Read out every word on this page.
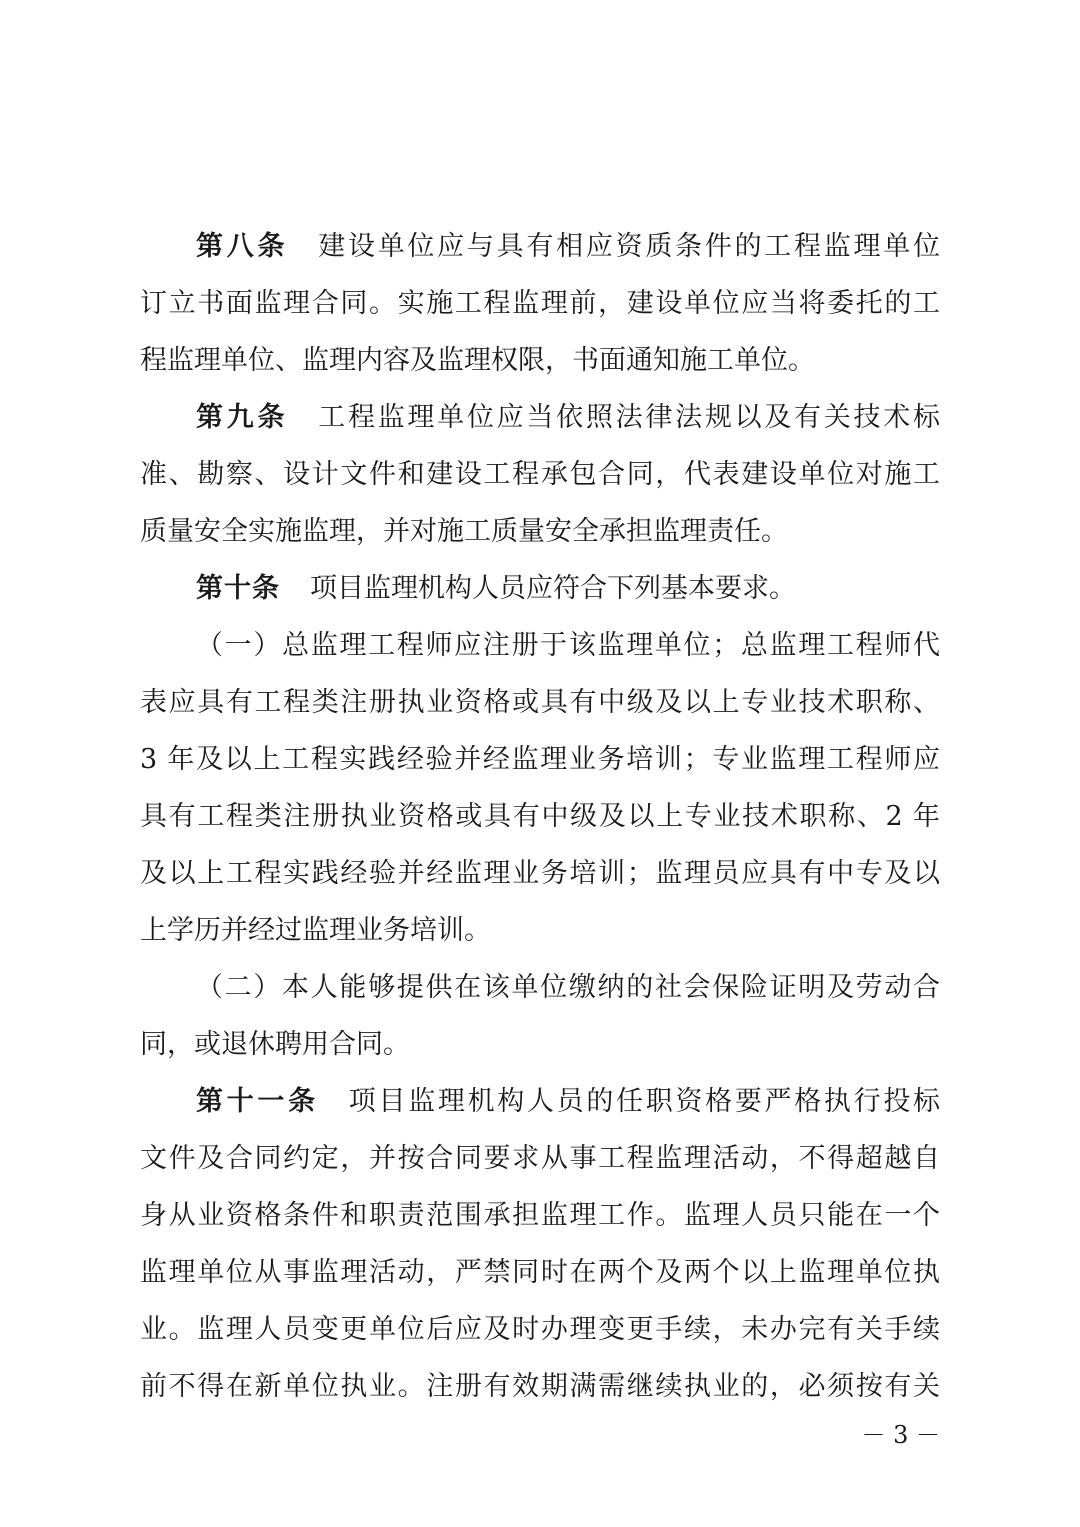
第八条 建设单位应与具有相应资质条件的工程监理单位
订立书面监理合同。实施工程监理前，建设单位应当将委托的工
程监理单位、监理内容及监理权限，书面通知施工单位。
第九条 工程监理单位应当依照法律法规以及有关技术标
准、勘察、设计文件和建设工程承包合同，代表建设单位对施工
质量安全实施监理，并对施工质量安全承担监理责任。
第十条 项目监理机构人员应符合下列基本要求。
（一）总监理工程师应注册于该监理单位；总监理工程师代
表应具有工程类注册执业资格或具有中级及以上专业技术职称、
3 年及以上工程实践经验并经监理业务培训；专业监理工程师应
具有工程类注册执业资格或具有中级及以上专业技术职称、2 年
及以上工程实践经验并经监理业务培训；监理员应具有中专及以
上学历并经过监理业务培训。
（二）本人能够提供在该单位缴纳的社会保险证明及劳动合
同，或退休聘用合同。
第十一条 项目监理机构人员的任职资格要严格执行投标
文件及合同约定，并按合同要求从事工程监理活动，不得超越自
身从业资格条件和职责范围承担监理工作。监理人员只能在一个
监理单位从事监理活动，严禁同时在两个及两个以上监理单位执
业。监理人员变更单位后应及时办理变更手续，未办完有关手续
前不得在新单位执业。注册有效期满需继续执业的，必须按有关
－ 3 －
